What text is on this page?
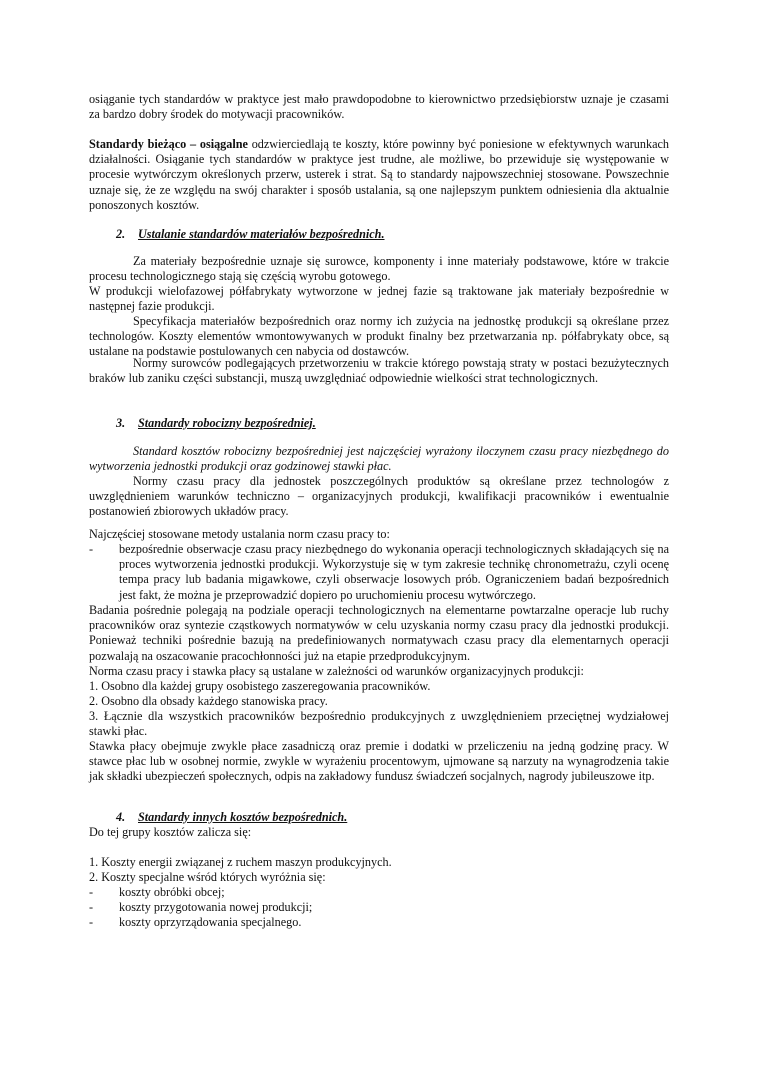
osiąganie tych standardów w praktyce jest mało prawdopodobne to kierownictwo przedsiębiorstw uznaje je czasami za bardzo dobry środek do motywacji pracowników.

Standardy bieżąco – osiągalne odzwierciedlają te koszty, które powinny być poniesione w efektywnych warunkach działalności. Osiąganie tych standardów w praktyce jest trudne, ale możliwe, bo przewiduje się występowanie w procesie wytwórczym określonych przerw, usterek i strat. Są to standardy najpowszechniej stosowane. Powszechnie uznaje się, że ze względu na swój charakter i sposób ustalania, są one najlepszym punktem odniesienia dla aktualnie ponoszonych kosztów.

2. Ustalanie standardów materiałów bezpośrednich.

Za materiały bezpośrednie uznaje się surowce, komponenty i inne materiały podstawowe, które w trakcie procesu technologicznego stają się częścią wyrobu gotowego.

W produkcji wielofazowej półfabrykaty wytworzone w jednej fazie są traktowane jak materiały bezpośrednie w następnej fazie produkcji.

Specyfikacja materiałów bezpośrednich oraz normy ich zużycia na jednostkę produkcji są określane przez technologów. Koszty elementów wmontowywanych w produkt finalny bez przetwarzania np. półfabrykaty obce, są ustalane na podstawie postulowanych cen nabycia od dostawców.

Normy surowców podlegających przetworzeniu w trakcie którego powstają straty w postaci bezużytecznych braków lub zaniku części substancji, muszą uwzględniać odpowiednie wielkości strat technologicznych.

3. Standardy robocizny bezpośredniej.

Standard kosztów robocizny bezpośredniej jest najczęściej wyrażony iloczynem czasu pracy niezbędnego do wytworzenia jednostki produkcji oraz godzinowej stawki płac.

Normy czasu pracy dla jednostek poszczególnych produktów są określane przez technologów z uwzględnieniem warunków techniczno – organizacyjnych produkcji, kwalifikacji pracowników i ewentualnie postanowień zbiorowych układów pracy.

Najczęściej stosowane metody ustalania norm czasu pracy to:

- bezpośrednie obserwacje czasu pracy niezbędnego do wykonania operacji technologicznych składających się na proces wytworzenia jednostki produkcji. Wykorzystuje się w tym zakresie technikę chronometrażu, czyli ocenę tempa pracy lub badania migawkowe, czyli obserwacje losowych prób. Ograniczeniem badań bezpośrednich jest fakt, że można je przeprowadzić dopiero po uruchomieniu procesu wytwórczego.

Badania pośrednie polegają na podziale operacji technologicznych na elementarne powtarzalne operacje lub ruchy pracowników oraz syntezie cząstkowych normatywów w celu uzyskania normy czasu pracy dla jednostki produkcji. Ponieważ techniki pośrednie bazują na predefiniowanych normatywach czasu pracy dla elementarnych operacji pozwalają na oszacowanie pracochłonności już na etapie przedprodukcyjnym.

Norma czasu pracy i stawka płacy są ustalane w zależności od warunków organizacyjnych produkcji:

1. Osobno dla każdej grupy osobistego zaszeregowania pracowników.

2. Osobno dla obsady każdego stanowiska pracy.

3. Łącznie dla wszystkich pracowników bezpośrednio produkcyjnych z uwzględnieniem przeciętnej wydziałowej stawki płac.

Stawka płacy obejmuje zwykle płace zasadniczą oraz premie i dodatki w przeliczeniu na jedną godzinę pracy. W stawce płac lub w osobnej normie, zwykle w wyrażeniu procentowym, ujmowane są narzuty na wynagrodzenia takie jak składki ubezpieczeń społecznych, odpis na zakładowy fundusz świadczeń socjalnych, nagrody jubileuszowe itp.

4. Standardy innych kosztów bezpośrednich.

Do tej grupy kosztów zalicza się:

1. Koszty energii związanej z ruchem maszyn produkcyjnych.

2. Koszty specjalne wśród których wyróżnia się:

- koszty obróbki obcej;
- koszty przygotowania nowej produkcji;
- koszty oprzyrządowania specjalnego.
